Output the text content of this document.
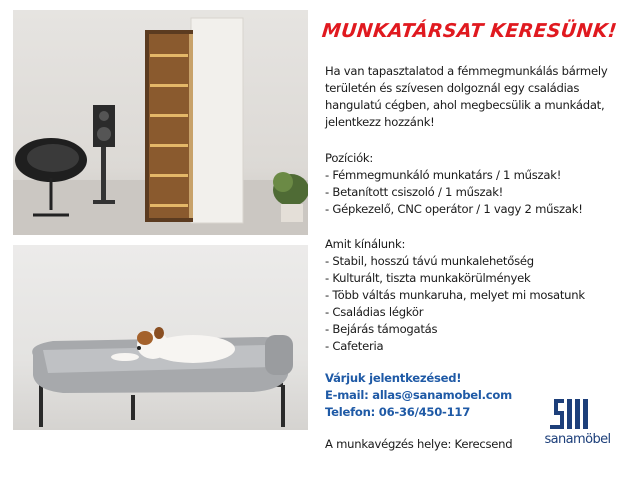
MUNKATÁRSAT KERESÜNK!

Ha van tapasztalatod a fémmegmunkálás bármely

területén és szívesen dolgoznál egy családias

hangulatú cégben, ahol megbecsülik a munkádat,

jelentkezz hozzánk!

Pozíciók:

- Fémmegmunkáló munkatárs / 1 műszak!

- Betanított csiszoló / 1 műszak!

- Gépkezelő, CNC operátor / 1 vagy 2 műszak!

Amit kínálunk:

- Stabil, hosszú távú munkalehetőség

- Kulturált, tiszta munkakörülmények

- Több váltás munkaruha, melyet mi mosatunk

- Családias légkör

- Bejárás támogatás

- Cafeteria

Várjuk jelentkezésed!

E-mail: allas@sanamobel.com

Telefon: 06-36/450-117

A munkavégzés helye: Kerecsend	sanamöbel
